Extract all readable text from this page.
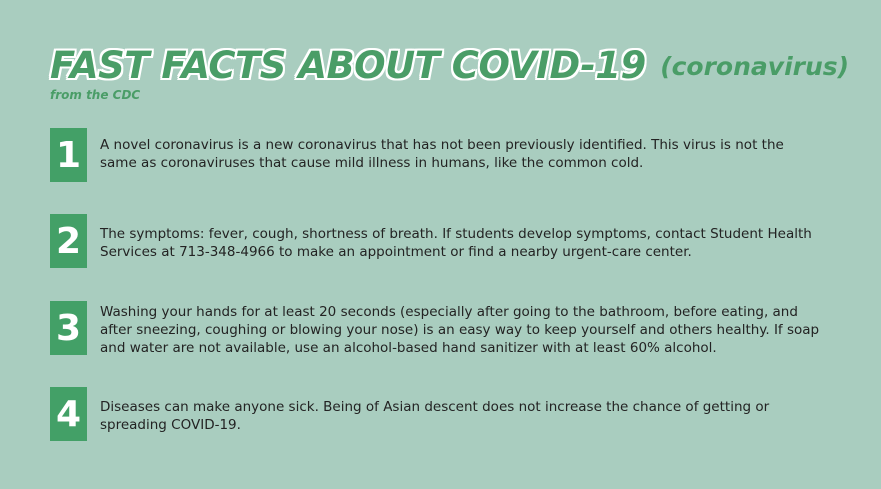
FAST FACTS ABOUT COVID-19 (coronavirus)
from the CDC
1	A novel coronavirus is a new coronavirus that has not been previously identified. This virus is not the same as coronaviruses that cause mild illness in humans, like the common cold.
2	The symptoms: fever, cough, shortness of breath. If students develop symptoms, contact Student Health Services at 713-348-4966 to make an appointment or find a nearby urgent-care center.
3	Washing your hands for at least 20 seconds (especially after going to the bathroom, before eating, and after sneezing, coughing or blowing your nose) is an easy way to keep yourself and others healthy. If soap and water are not available, use an alcohol-based hand sanitizer with at least 60% alcohol.
4	Diseases can make anyone sick. Being of Asian descent does not increase the chance of getting or spreading COVID-19.
